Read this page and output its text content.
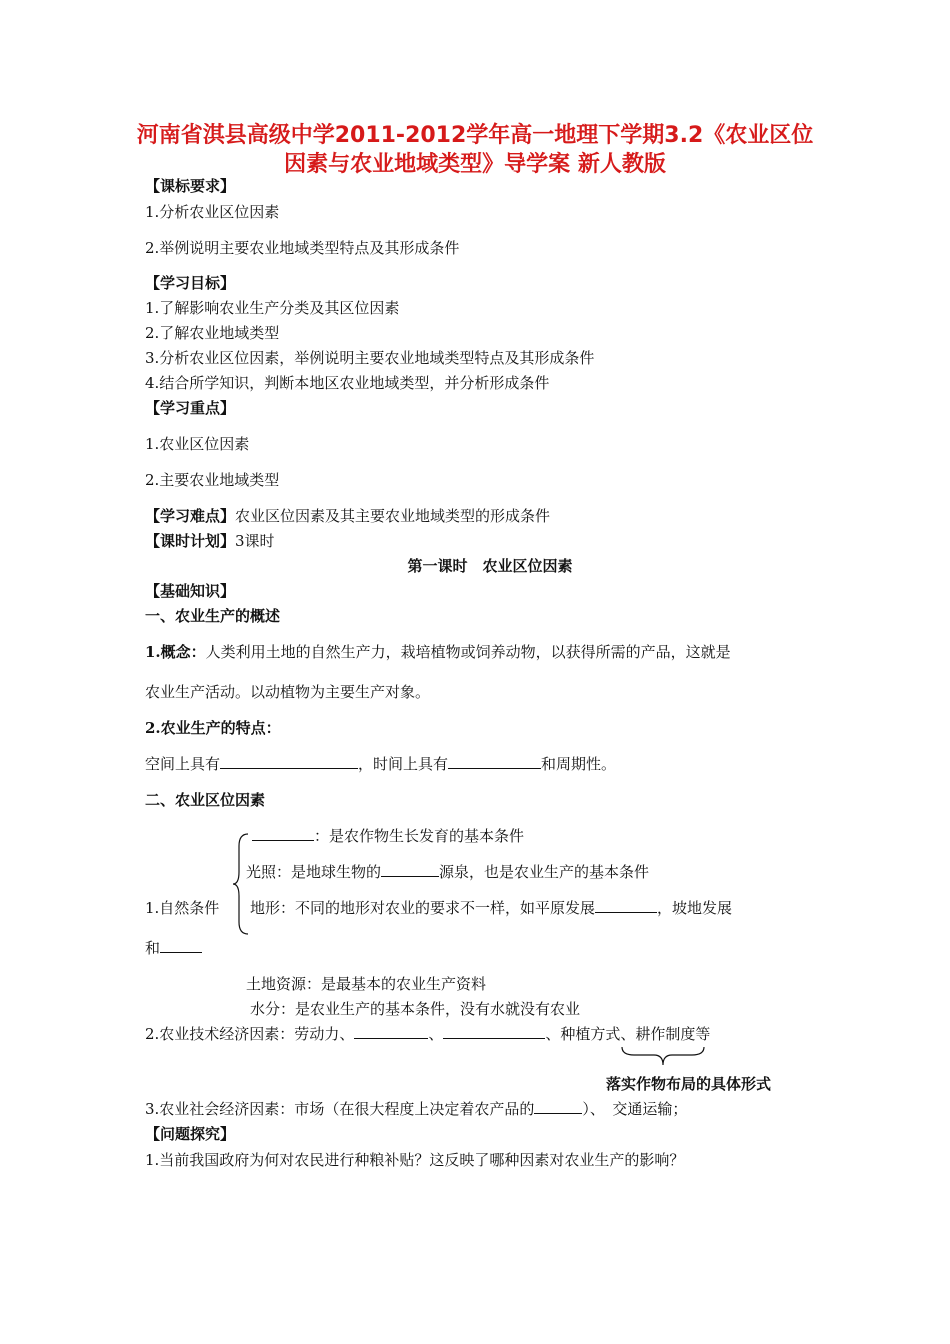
河南省淇县高级中学2011-2012学年高一地理下学期3.2《农业区位
因素与农业地域类型》导学案 新人教版
【课标要求】
1.分析农业区位因素
2.举例说明主要农业地域类型特点及其形成条件
【学习目标】
1.了解影响农业生产分类及其区位因素
2.了解农业地域类型
3.分析农业区位因素，举例说明主要农业地域类型特点及其形成条件
4.结合所学知识，判断本地区农业地域类型，并分析形成条件
【学习重点】
1.农业区位因素
2.主要农业地域类型
【学习难点】农业区位因素及其主要农业地域类型的形成条件
【课时计划】3课时
第一课时　农业区位因素
【基础知识】
一、农业生产的概述
1.概念：人类利用土地的自然生产力，栽培植物或饲养动物，以获得所需的产品，这就是
农业生产活动。以动植物为主要生产对象。
2.农业生产的特点：
空间上具有	，时间上具有	和周期性。
二、农业区位因素
：是农作物生长发育的基本条件
光照：是地球生物的	源泉，也是农业生产的基本条件
1.自然条件 地形：不同的地形对农业的要求不一样，如平原发展	，坡地发展
和
土地资源：是最基本的农业生产资料
水分：是农业生产的基本条件，没有水就没有农业
2.农业技术经济因素：劳动力、	、	、种植方式、耕作制度等
落实作物布局的具体形式
3.农业社会经济因素：市场（在很大程度上决定着农产品的	）、　交通运输；
【问题探究】
1.当前我国政府为何对农民进行种粮补贴？这反映了哪种因素对农业生产的影响？
